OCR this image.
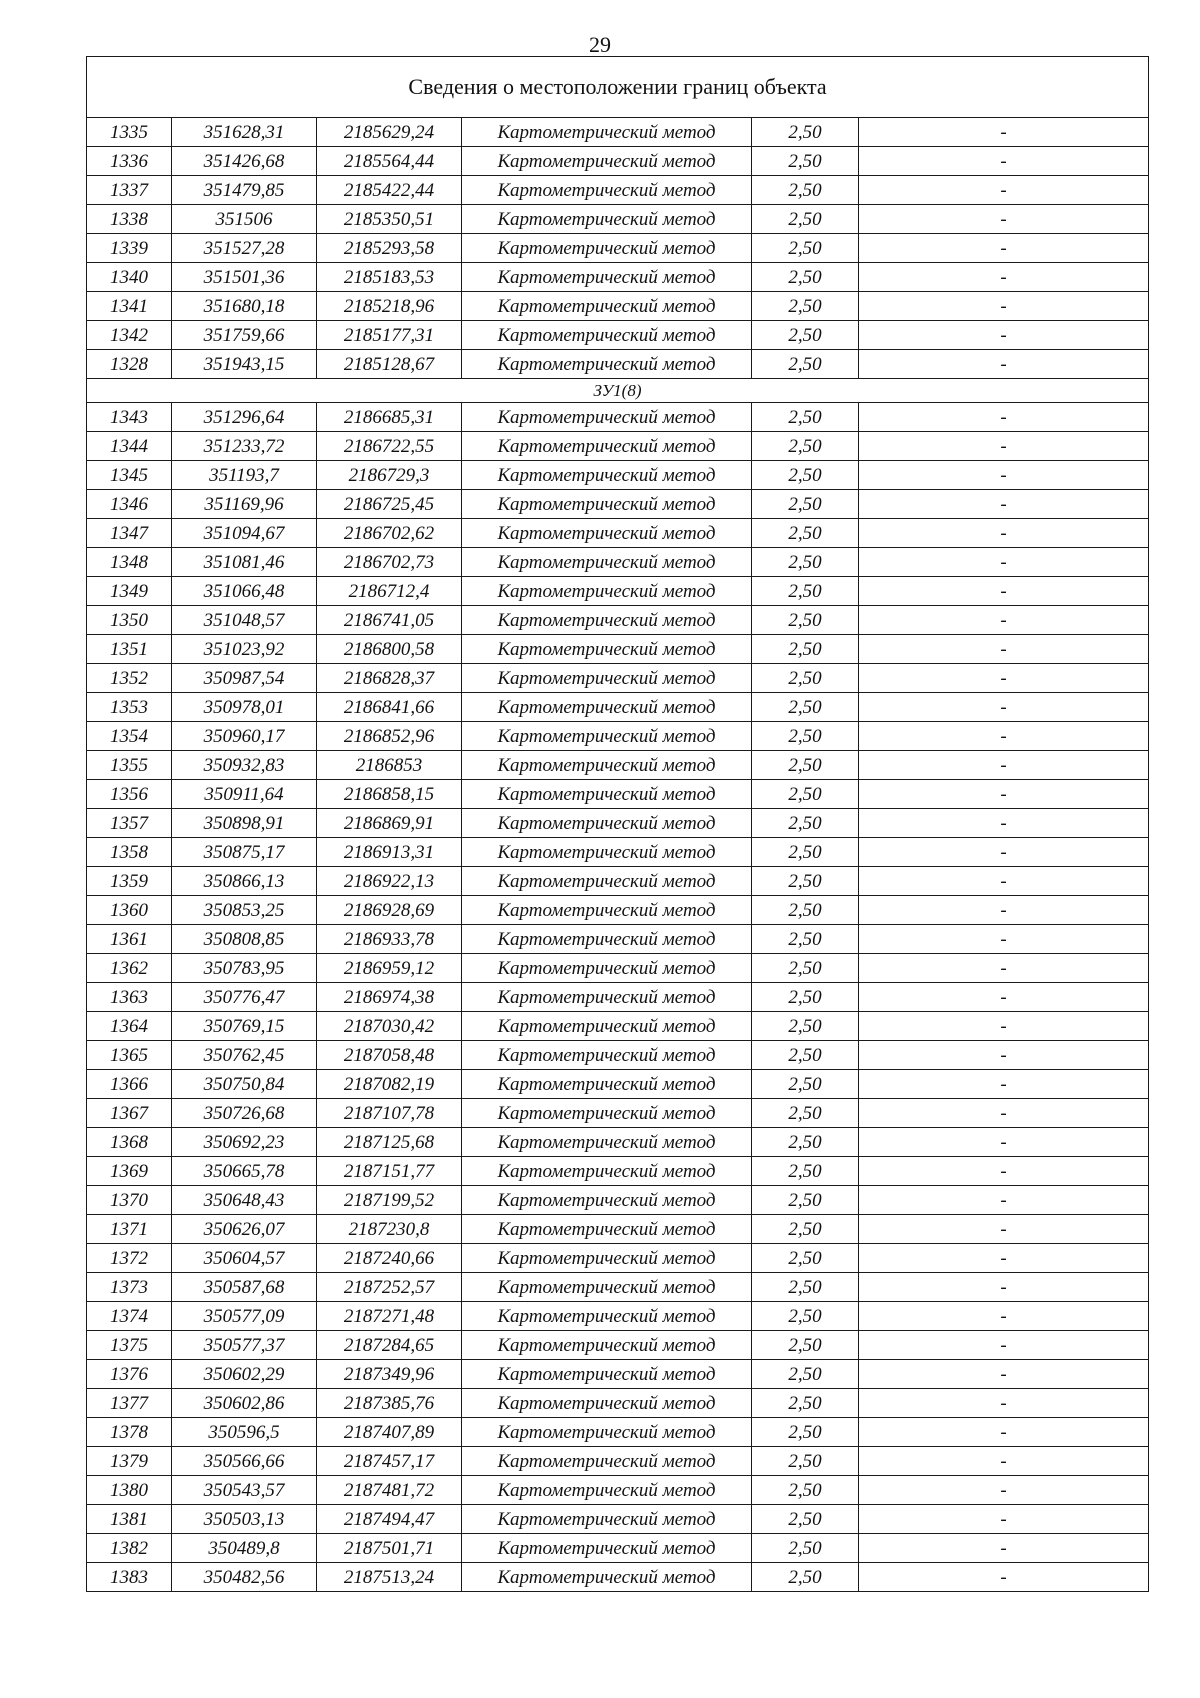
29
Сведения о местоположении границ объекта					
1335	351628,31	2185629,24	Картометрический метод	2,50	-
1336	351426,68	2185564,44	Картометрический метод	2,50	-
1337	351479,85	2185422,44	Картометрический метод	2,50	-
1338	351506	2185350,51	Картометрический метод	2,50	-
1339	351527,28	2185293,58	Картометрический метод	2,50	-
1340	351501,36	2185183,53	Картометрический метод	2,50	-
1341	351680,18	2185218,96	Картометрический метод	2,50	-
1342	351759,66	2185177,31	Картометрический метод	2,50	-
1328	351943,15	2185128,67	Картометрический метод	2,50	-
ЗУ1(8)					
1343	351296,64	2186685,31	Картометрический метод	2,50	-
1344	351233,72	2186722,55	Картометрический метод	2,50	-
1345	351193,7	2186729,3	Картометрический метод	2,50	-
1346	351169,96	2186725,45	Картометрический метод	2,50	-
1347	351094,67	2186702,62	Картометрический метод	2,50	-
1348	351081,46	2186702,73	Картометрический метод	2,50	-
1349	351066,48	2186712,4	Картометрический метод	2,50	-
1350	351048,57	2186741,05	Картометрический метод	2,50	-
1351	351023,92	2186800,58	Картометрический метод	2,50	-
1352	350987,54	2186828,37	Картометрический метод	2,50	-
1353	350978,01	2186841,66	Картометрический метод	2,50	-
1354	350960,17	2186852,96	Картометрический метод	2,50	-
1355	350932,83	2186853	Картометрический метод	2,50	-
1356	350911,64	2186858,15	Картометрический метод	2,50	-
1357	350898,91	2186869,91	Картометрический метод	2,50	-
1358	350875,17	2186913,31	Картометрический метод	2,50	-
1359	350866,13	2186922,13	Картометрический метод	2,50	-
1360	350853,25	2186928,69	Картометрический метод	2,50	-
1361	350808,85	2186933,78	Картометрический метод	2,50	-
1362	350783,95	2186959,12	Картометрический метод	2,50	-
1363	350776,47	2186974,38	Картометрический метод	2,50	-
1364	350769,15	2187030,42	Картометрический метод	2,50	-
1365	350762,45	2187058,48	Картометрический метод	2,50	-
1366	350750,84	2187082,19	Картометрический метод	2,50	-
1367	350726,68	2187107,78	Картометрический метод	2,50	-
1368	350692,23	2187125,68	Картометрический метод	2,50	-
1369	350665,78	2187151,77	Картометрический метод	2,50	-
1370	350648,43	2187199,52	Картометрический метод	2,50	-
1371	350626,07	2187230,8	Картометрический метод	2,50	-
1372	350604,57	2187240,66	Картометрический метод	2,50	-
1373	350587,68	2187252,57	Картометрический метод	2,50	-
1374	350577,09	2187271,48	Картометрический метод	2,50	-
1375	350577,37	2187284,65	Картометрический метод	2,50	-
1376	350602,29	2187349,96	Картометрический метод	2,50	-
1377	350602,86	2187385,76	Картометрический метод	2,50	-
1378	350596,5	2187407,89	Картометрический метод	2,50	-
1379	350566,66	2187457,17	Картометрический метод	2,50	-
1380	350543,57	2187481,72	Картометрический метод	2,50	-
1381	350503,13	2187494,47	Картометрический метод	2,50	-
1382	350489,8	2187501,71	Картометрический метод	2,50	-
1383	350482,56	2187513,24	Картометрический метод	2,50	-
